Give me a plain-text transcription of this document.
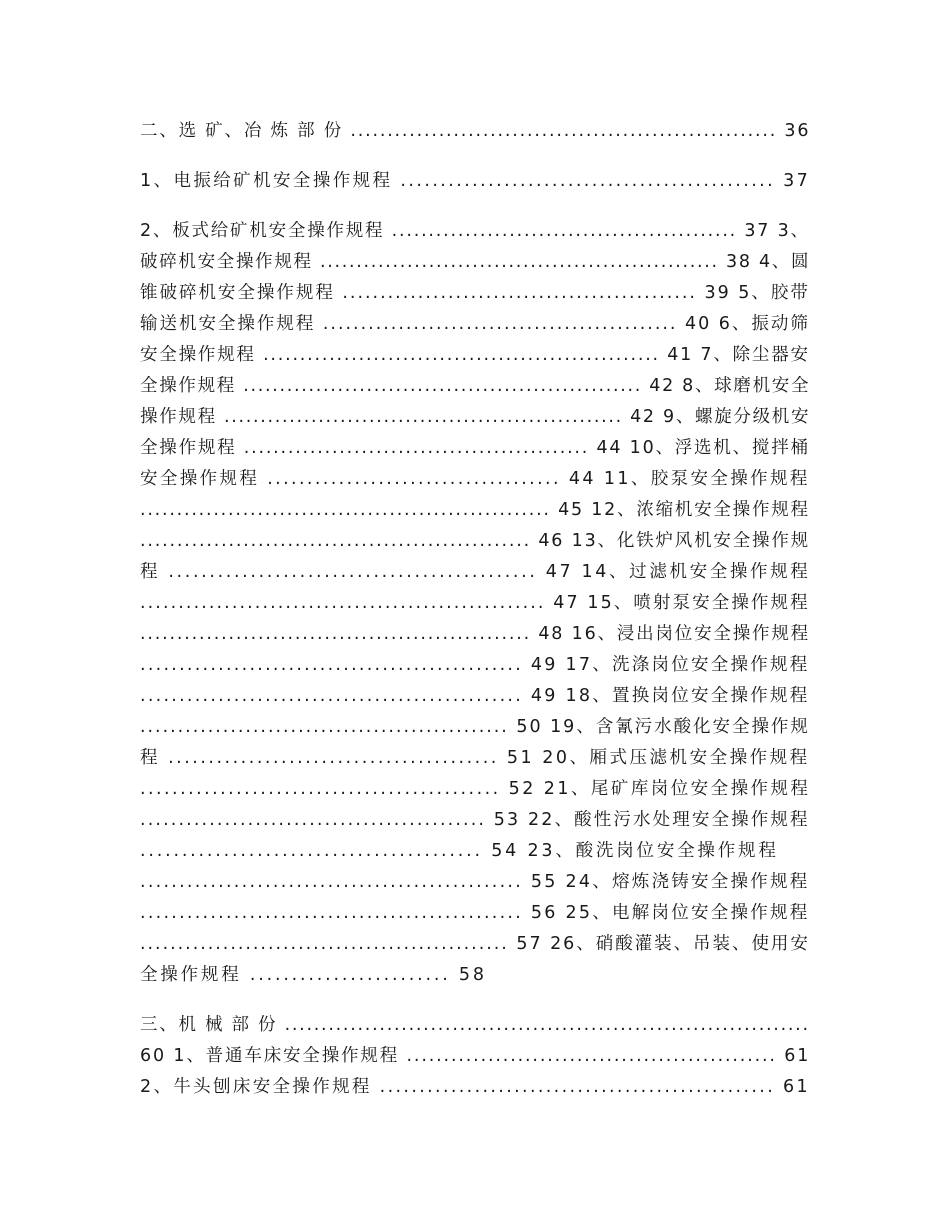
二、选 矿、冶 炼 部 份 .......................................................... 36
1、电振给矿机安全操作规程 ............................................... 37
2、板式给矿机安全操作规程 ............................................... 37 3、
破碎机安全操作规程 ....................................................... 38 4、圆
锥破碎机安全操作规程 ............................................... 39 5、胶带
输送机安全操作规程 ............................................... 40 6、振动筛
安全操作规程 ...................................................... 41 7、除尘器安
全操作规程 ....................................................... 42 8、球磨机安全
操作规程 ....................................................... 42 9、螺旋分级机安
全操作规程 ............................................... 44 10、浮选机、搅拌桶
安全操作规程 ..................................... 44 11、胶泵安全操作规程
........................................................ 45 12、浓缩机安全操作规程
..................................................... 46 13、化铁炉风机安全操作规
程 ............................................. 47 14、过滤机安全操作规程
..................................................... 47 15、喷射泵安全操作规程
..................................................... 48 16、浸出岗位安全操作规程
................................................. 49 17、洗涤岗位安全操作规程
................................................. 49 18、置换岗位安全操作规程
................................................. 50 19、含氰污水酸化安全操作规
程 ......................................... 51 20、厢式压滤机安全操作规程
............................................. 52 21、尾矿库岗位安全操作规程
............................................. 53 22、酸性污水处理安全操作规程
......................................... 54 23、酸洗岗位安全操作规程
................................................. 55 24、熔炼浇铸安全操作规程
................................................. 56 25、电解岗位安全操作规程
................................................. 57 26、硝酸灌装、吊装、使用安
全操作规程 ........................ 58
三、机 械 部 份 ........................................................................
60 1、普通车床安全操作规程 .................................................. 61
2、牛头刨床安全操作规程 .................................................. 61
